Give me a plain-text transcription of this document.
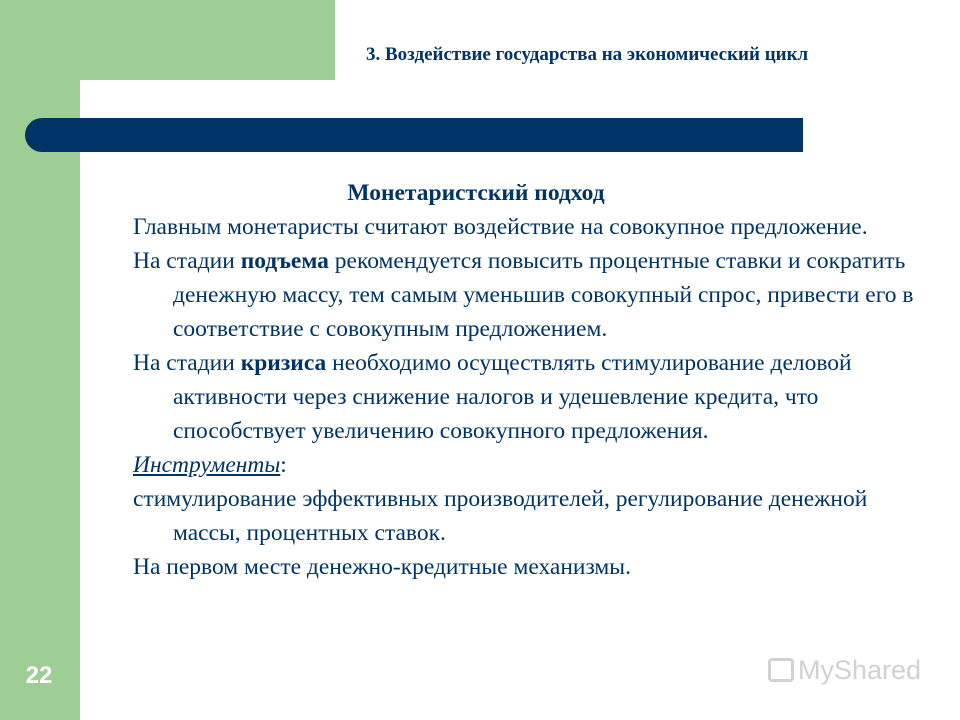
3. Воздействие государства на экономический цикл
Монетаристский подход
Главным монетаристы считают воздействие на совокупное предложение.
На стадии подъема рекомендуется повысить процентные ставки и сократить денежную массу, тем самым уменьшив совокупный спрос, привести его в соответствие с совокупным предложением.
На стадии кризиса необходимо осуществлять стимулирование деловой активности через снижение налогов и удешевление кредита, что способствует увеличению совокупного предложения.
Инструменты:
стимулирование эффективных производителей, регулирование денежной массы, процентных ставок.
На первом месте денежно-кредитные механизмы.
22	MyShared
